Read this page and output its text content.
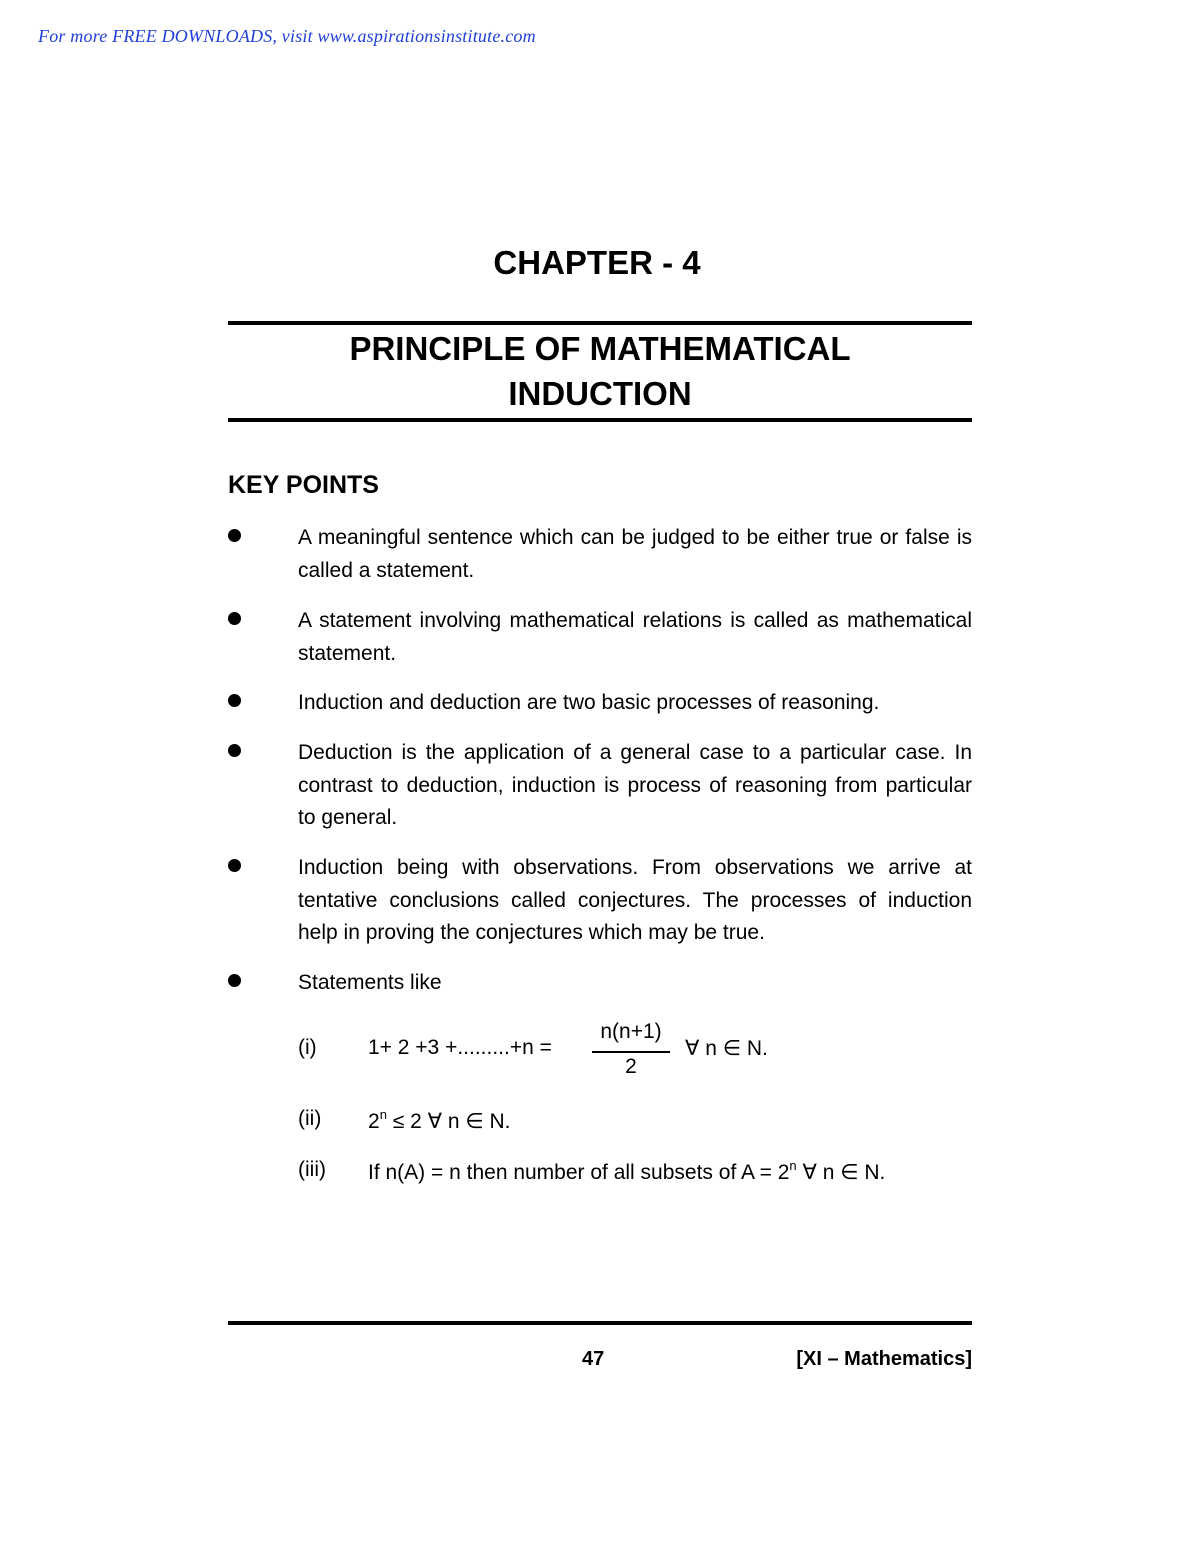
For more FREE DOWNLOADS, visit www.aspirationsinstitute.com
CHAPTER - 4
PRINCIPLE OF MATHEMATICAL
INDUCTION
KEY POINTS
A meaningful sentence which can be judged to be either true or false is called a statement.
A statement involving mathematical relations is called as mathematical statement.
Induction and deduction are two basic processes of reasoning.
Deduction is the application of a general case to a particular case. In contrast to deduction, induction is process of reasoning from particular to general.
Induction being with observations. From observations we arrive at tentative conclusions called conjectures. The processes of induction help in proving the conjectures which may be true.
Statements like
(i) 1+ 2 +3 +.........+n =
n(n+1)
2
∀ n ∈ N.
(ii) $2^n \le 2$ ∀ n ∈ N.
(iii) If n(A) = n then number of all subsets of $A = 2^n$ ∀ n ∈ N.
47	[XI – Mathematics]
